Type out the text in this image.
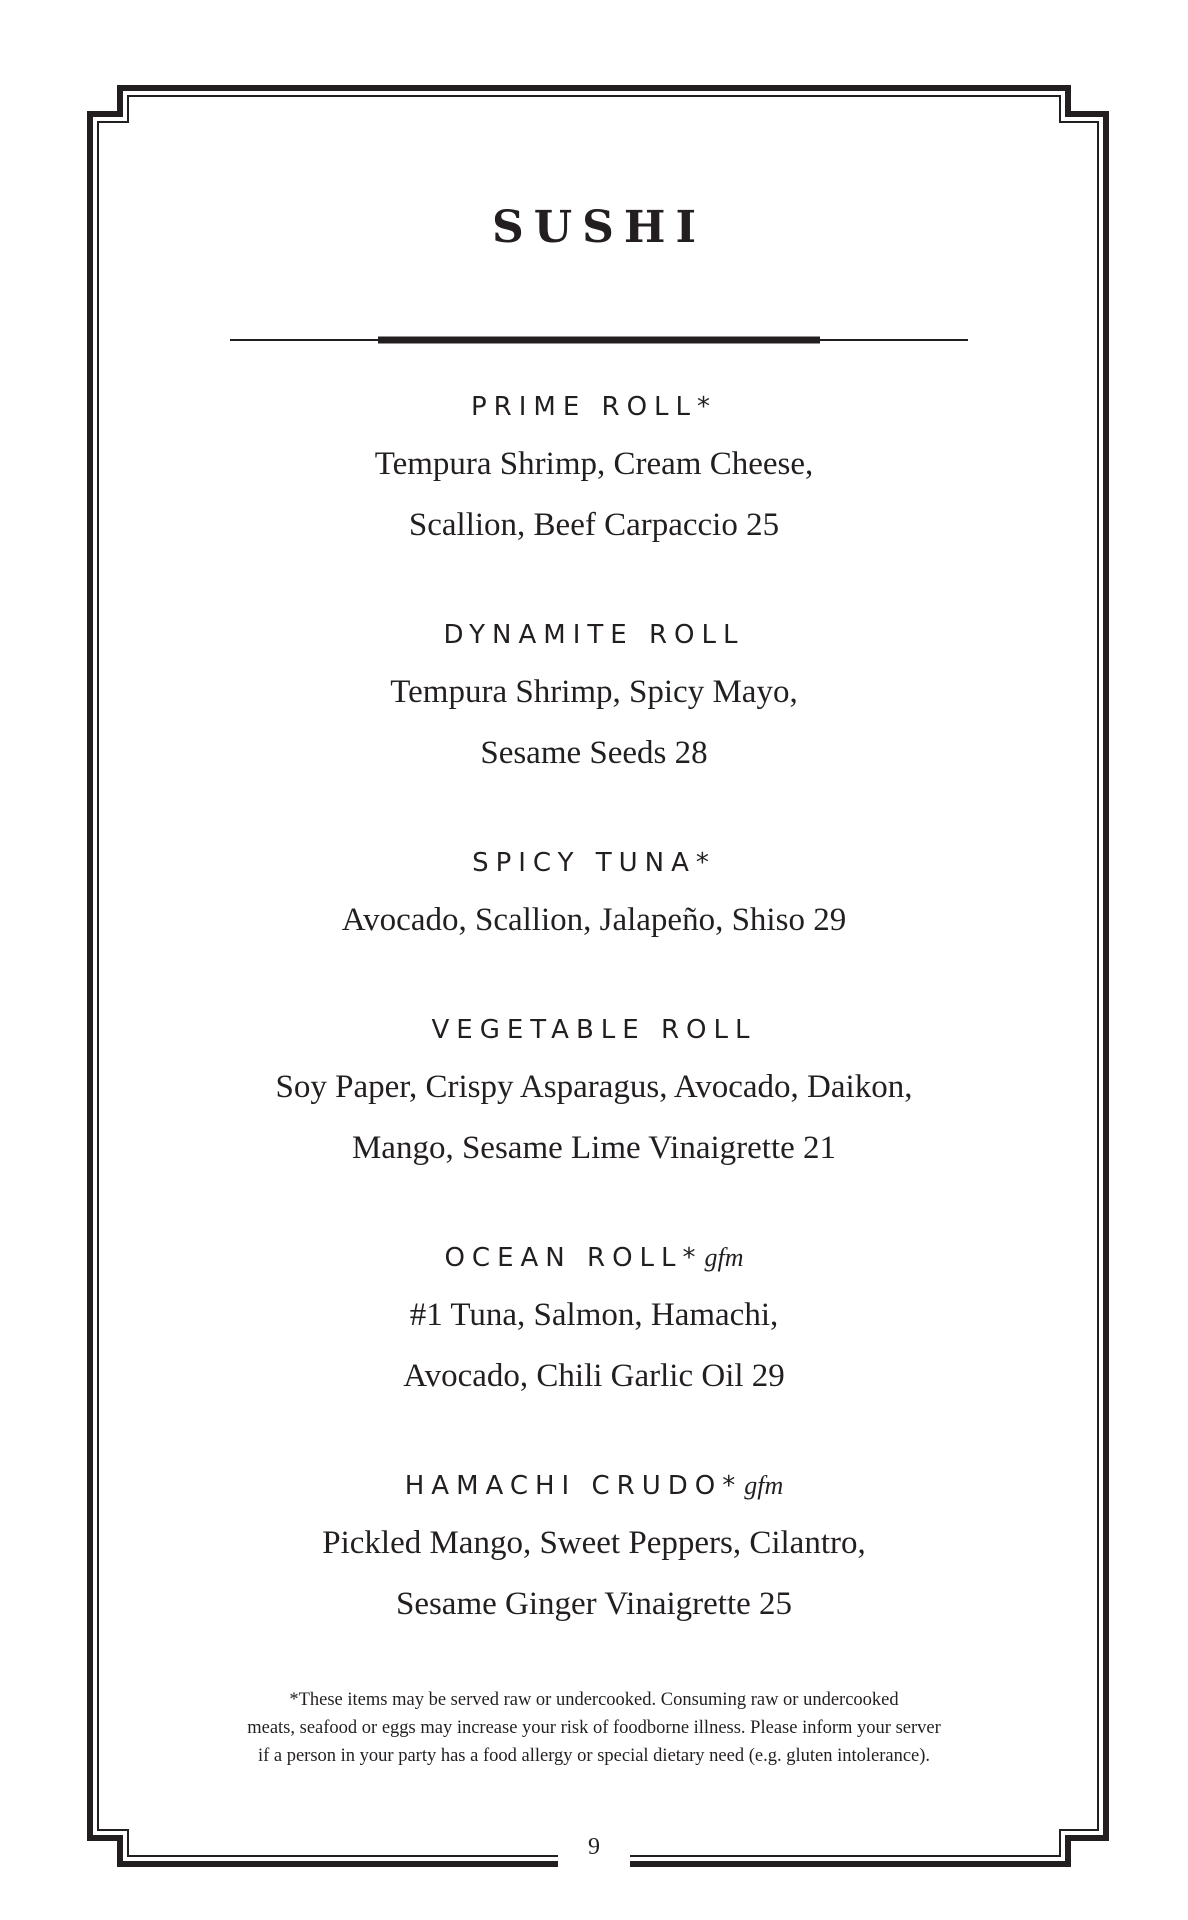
SUSHI
PRIME ROLL*
Tempura Shrimp, Cream Cheese,
Scallion, Beef Carpaccio 25
DYNAMITE ROLL
Tempura Shrimp, Spicy Mayo,
Sesame Seeds 28
SPICY TUNA*
Avocado, Scallion, Jalapeño, Shiso 29
VEGETABLE ROLL
Soy Paper, Crispy Asparagus, Avocado, Daikon,
Mango, Sesame Lime Vinaigrette 21
OCEAN ROLL*gfm
#1 Tuna, Salmon, Hamachi,
Avocado, Chili Garlic Oil 29
HAMACHI CRUDO*gfm
Pickled Mango, Sweet Peppers, Cilantro,
Sesame Ginger Vinaigrette 25
*These items may be served raw or undercooked. Consuming raw or undercooked
meats, seafood or eggs may increase your risk of foodborne illness. Please inform your server
if a person in your party has a food allergy or special dietary need (e.g. gluten intolerance).
9
